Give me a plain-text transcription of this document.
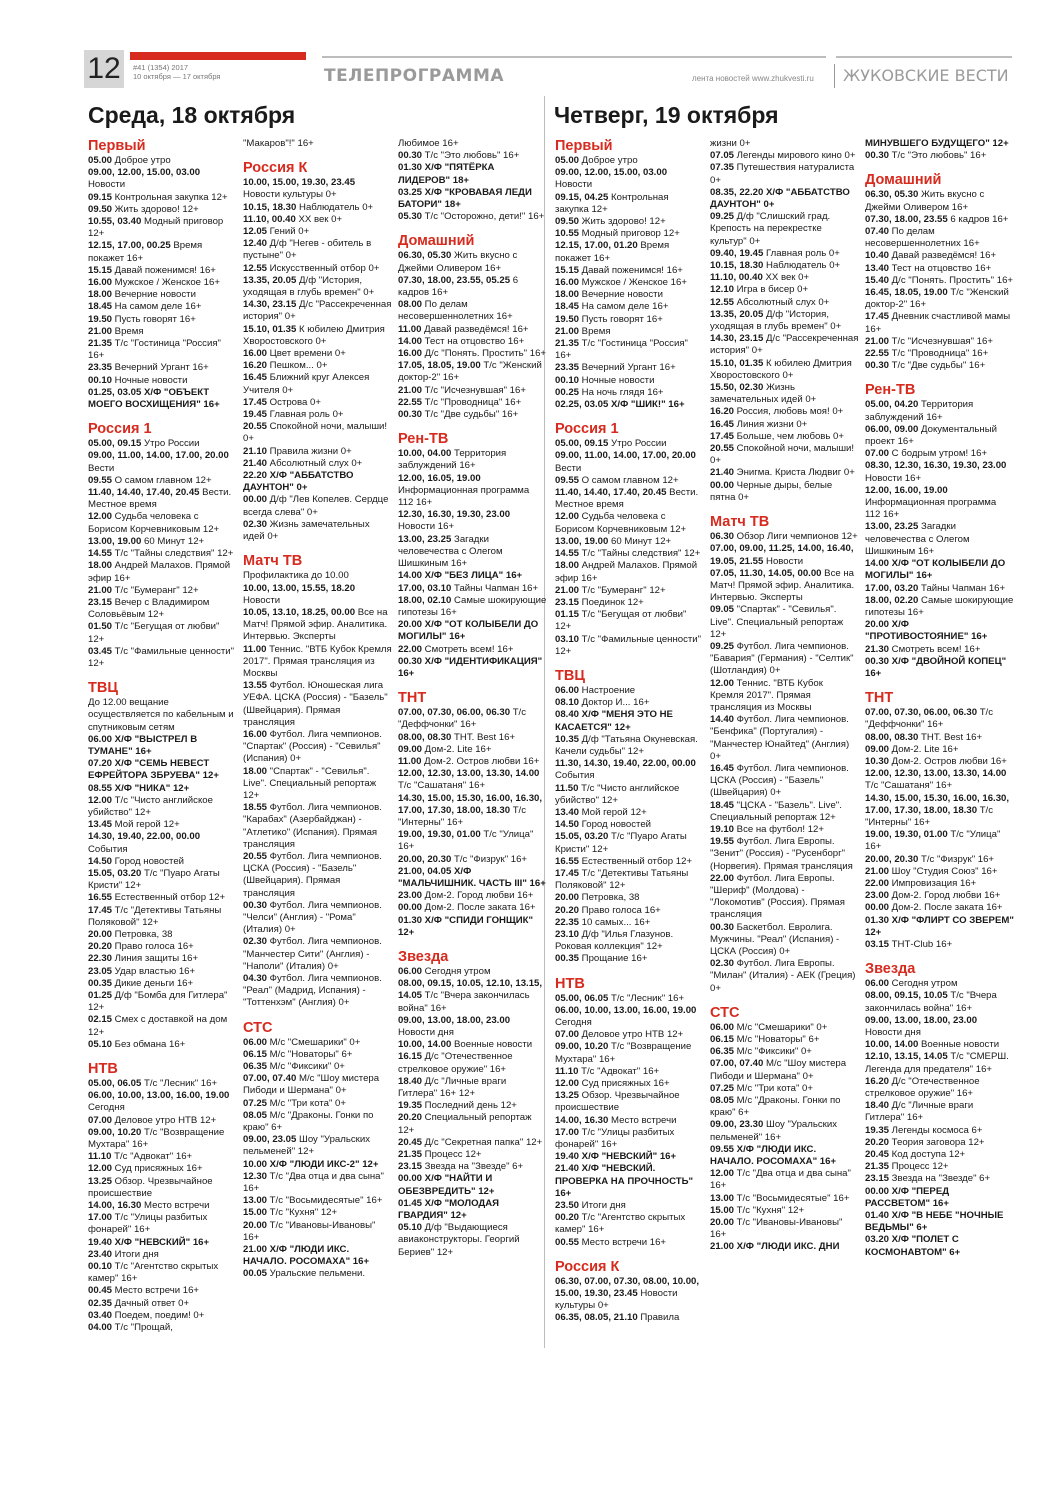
12	#41 (1354) 2017
10 октября — 17 октября	ТЕЛЕПРОГРАММА	лента новостей www.zhukvesti.ru	ЖУКОВСКИЕ ВЕСТИ
Среда, 18 октября	Четверг, 19 октября
Первый
05.00 Доброе утро
09.00, 12.00, 15.00, 03.00 Новости
09.15 Контрольная закупка 12+
09.50 Жить здорово! 12+
10.55, 03.40 Модный приговор 12+
12.15, 17.00, 00.25 Время покажет 16+
15.15 Давай поженимся! 16+
16.00 Мужское / Женское 16+
18.00 Вечерние новости
18.45 На самом деле 16+
19.50 Пусть говорят 16+
21.00 Время
21.35 Т/с "Гостиница "Россия" 16+
23.35 Вечерний Ургант 16+
00.10 Ночные новости
01.25, 03.05 Х/Ф "ОБЪЕКТ МОЕГО ВОСХИЩЕНИЯ" 16+
Россия 1
05.00, 09.15 Утро России
09.00, 11.00, 14.00, 17.00, 20.00 Вести
09.55 О самом главном 12+
11.40, 14.40, 17.40, 20.45 Вести. Местное время
12.00 Судьба человека с Борисом Корчевниковым 12+
13.00, 19.00 60 Минут 12+
14.55 Т/с "Тайны следствия" 12+
18.00 Андрей Малахов. Прямой эфир 16+
21.00 Т/с "Бумеранг" 12+
23.15 Вечер с Владимиром Соловьёвым 12+
01.50 Т/с "Бегущая от любви" 12+
03.45 Т/с "Фамильные ценности" 12+
ТВЦ
До 12.00 вещание осуществляется по кабельным и спутниковым сетям
06.00 Х/Ф "ВЫСТРЕЛ В ТУМАНЕ" 16+
07.20 Х/Ф "СЕМЬ НЕВЕСТ ЕФРЕЙТОРА ЗБРУЕВА" 12+
08.55 Х/Ф "НИКА" 12+
12.00 Т/с "Чисто английское убийство" 12+
13.45 Мой герой 12+
14.30, 19.40, 22.00, 00.00 События
14.50 Город новостей
15.05, 03.20 Т/с "Пуаро Агаты Кристи" 12+
16.55 Естественный отбор 12+
17.45 Т/с "Детективы Татьяны Поляковой" 12+
20.00 Петровка, 38
20.20 Право голоса 16+
22.30 Линия защиты 16+
23.05 Удар властью 16+
00.35 Дикие деньги 16+
01.25 Д/ф "Бомба для Гитлера" 12+
02.15 Смех с доставкой на дом 12+
05.10 Без обмана 16+
НТВ
05.00, 06.05 Т/с "Лесник" 16+
06.00, 10.00, 13.00, 16.00, 19.00 Сегодня
07.00 Деловое утро НТВ 12+
09.00, 10.20 Т/с "Возвращение Мухтара" 16+
11.10 Т/с "Адвокат" 16+
12.00 Суд присяжных 16+
13.25 Обзор. Чрезвычайное происшествие
14.00, 16.30 Место встречи
17.00 Т/с "Улицы разбитых фонарей" 16+
19.40 Х/Ф "НЕВСКИЙ" 16+
23.40 Итоги дня
00.10 Т/с "Агентство скрытых камер" 16+
00.45 Место встречи 16+
02.35 Дачный ответ 0+
03.40 Поедем, поедим! 0+
04.00 Т/с "Прощай,
"Макаров"!" 16+
Россия К
10.00, 15.00, 19.30, 23.45 Новости культуры 0+
10.15, 18.30 Наблюдатель 0+
11.10, 00.40 ХХ век 0+
12.05 Гений 0+
12.40 Д/ф "Негев - обитель в пустыне" 0+
12.55 Искусственный отбор 0+
13.35, 20.05 Д/ф "История, уходящая в глубь времен" 0+
14.30, 23.15 Д/с "Рассекреченная история" 0+
15.10, 01.35 К юбилею Дмитрия Хворостовского 0+
16.00 Цвет времени 0+
16.20 Пешком... 0+
16.45 Ближний круг Алексея Учителя 0+
17.45 Острова 0+
19.45 Главная роль 0+
20.55 Спокойной ночи, малыши! 0+
21.10 Правила жизни 0+
21.40 Абсолютный слух 0+
22.20 Х/Ф "АББАТСТВО ДАУНТОН" 0+
00.00 Д/ф "Лев Копелев. Сердце всегда слева" 0+
02.30 Жизнь замечательных идей 0+
Матч ТВ
Профилактика до 10.00
10.00, 13.00, 15.55, 18.20 Новости
10.05, 13.10, 18.25, 00.00 Все на Матч! Прямой эфир. Аналитика. Интервью. Эксперты
11.00 Теннис. "ВТБ Кубок Кремля 2017". Прямая трансляция из Москвы
13.55 Футбол. Юношеская лига УЕФА. ЦСКА (Россия) - "Базель" (Швейцария). Прямая трансляция
16.00 Футбол. Лига чемпионов. "Спартак" (Россия) - "Севилья" (Испания) 0+
18.00 "Спартак" - "Севилья". Live". Специальный репортаж 12+
18.55 Футбол. Лига чемпионов. "Карабах" (Азербайджан) - "Атлетико" (Испания). Прямая трансляция
20.55 Футбол. Лига чемпионов. ЦСКА (Россия) - "Базель" (Швейцария). Прямая трансляция
00.30 Футбол. Лига чемпионов. "Челси" (Англия) - "Рома" (Италия) 0+
02.30 Футбол. Лига чемпионов. "Манчестер Сити" (Англия) - "Наполи" (Италия) 0+
04.30 Футбол. Лига чемпионов. "Реал" (Мадрид, Испания) - "Тоттенхэм" (Англия) 0+
СТС
06.00 М/с "Смешарики" 0+
06.15 М/с "Новаторы" 6+
06.35 М/с "Фиксики" 0+
07.00, 07.40 М/с "Шоу мистера Пибоди и Шермана" 0+
07.25 М/с "Три кота" 0+
08.05 М/с "Драконы. Гонки по краю" 6+
09.00, 23.05 Шоу "Уральских пельменей" 12+
10.00 Х/Ф "ЛЮДИ ИКС-2" 12+
12.30 Т/с "Два отца и два сына" 16+
13.00 Т/с "Восьмидесятые" 16+
15.00 Т/с "Кухня" 12+
20.00 Т/с "Ивановы-Ивановы" 16+
21.00 Х/Ф "ЛЮДИ ИКС. НАЧАЛО. РОСОМАХА" 16+
00.05 Уральские пельмени.
Любимое 16+
00.30 Т/с "Это любовь" 16+
01.30 Х/Ф "ПЯТЁРКА ЛИДЕРОВ" 18+
03.25 Х/Ф "КРОВАВАЯ ЛЕДИ БАТОРИ" 18+
05.30 Т/с "Осторожно, дети!" 16+
Домашний
06.30, 05.30 Жить вкусно с Джейми Оливером 16+
07.30, 18.00, 23.55, 05.25 6 кадров 16+
08.00 По делам несовершеннолетних 16+
11.00 Давай разведёмся! 16+
14.00 Тест на отцовство 16+
16.00 Д/с "Понять. Простить" 16+
17.05, 18.05, 19.00 Т/с "Женский доктор-2" 16+
21.00 Т/с "Исчезнувшая" 16+
22.55 Т/с "Проводница" 16+
00.30 Т/с "Две судьбы" 16+
Рен-ТВ
10.00, 04.00 Территория заблуждений 16+
12.00, 16.05, 19.00 Информационная программа 112 16+
12.30, 16.30, 19.30, 23.00 Новости 16+
13.00, 23.25 Загадки человечества с Олегом Шишкиным 16+
14.00 Х/Ф "БЕЗ ЛИЦА" 16+
17.00, 03.10 Тайны Чапман 16+
18.00, 02.10 Самые шокирующие гипотезы 16+
20.00 Х/Ф "ОТ КОЛЫБЕЛИ ДО МОГИЛЫ" 16+
22.00 Смотреть всем! 16+
00.30 Х/Ф "ИДЕНТИФИКАЦИЯ" 16+
ТНТ
07.00, 07.30, 06.00, 06.30 Т/с "Деффчонки" 16+
08.00, 08.30 ТНТ. Best 16+
09.00 Дом-2. Lite 16+
11.00 Дом-2. Остров любви 16+
12.00, 12.30, 13.00, 13.30, 14.00 Т/с "Сашатаня" 16+
14.30, 15.00, 15.30, 16.00, 16.30, 17.00, 17.30, 18.00, 18.30 Т/с "Интерны" 16+
19.00, 19.30, 01.00 Т/с "Улица" 16+
20.00, 20.30 Т/с "Физрук" 16+
21.00, 04.05 Х/Ф "МАЛЬЧИШНИК. ЧАСТЬ III" 16+
23.00 Дом-2. Город любви 16+
00.00 Дом-2. После заката 16+
01.30 Х/Ф "СПИДИ ГОНЩИК" 12+
Звезда
06.00 Сегодня утром
08.00, 09.15, 10.05, 12.10, 13.15, 14.05 Т/с "Вчера закончилась война" 16+
09.00, 13.00, 18.00, 23.00 Новости дня
10.00, 14.00 Военные новости
16.15 Д/с "Отечественное стрелковое оружие" 16+
18.40 Д/с "Личные враги Гитлера" 16+ 12+
19.35 Последний день 12+
20.20 Специальный репортаж 12+
20.45 Д/с "Секретная папка" 12+
21.35 Процесс 12+
23.15 Звезда на "Звезде" 6+
00.00 Х/Ф "НАЙТИ И ОБЕЗВРЕДИТЬ" 12+
01.45 Х/Ф "МОЛОДАЯ ГВАРДИЯ" 12+
05.10 Д/ф "Выдающиеся авиаконструкторы. Георгий Бериев" 12+
Первый
05.00 Доброе утро
09.00, 12.00, 15.00, 03.00 Новости
09.15, 04.25 Контрольная закупка 12+
09.50 Жить здорово! 12+
10.55 Модный приговор 12+
12.15, 17.00, 01.20 Время покажет 16+
15.15 Давай поженимся! 16+
16.00 Мужское / Женское 16+
18.00 Вечерние новости
18.45 На самом деле 16+
19.50 Пусть говорят 16+
21.00 Время
21.35 Т/с "Гостиница "Россия" 16+
23.35 Вечерний Ургант 16+
00.10 Ночные новости
00.25 На ночь глядя 16+
02.25, 03.05 Х/Ф "ШИК!" 16+
Россия 1
05.00, 09.15 Утро России
09.00, 11.00, 14.00, 17.00, 20.00 Вести
09.55 О самом главном 12+
11.40, 14.40, 17.40, 20.45 Вести. Местное время
12.00 Судьба человека с Борисом Корчевниковым 12+
13.00, 19.00 60 Минут 12+
14.55 Т/с "Тайны следствия" 12+
18.00 Андрей Малахов. Прямой эфир 16+
21.00 Т/с "Бумеранг" 12+
23.15 Поединок 12+
01.15 Т/с "Бегущая от любви" 12+
03.10 Т/с "Фамильные ценности" 12+
ТВЦ
06.00 Настроение
08.10 Доктор И... 16+
08.40 Х/Ф "МЕНЯ ЭТО НЕ КАСАЕТСЯ" 12+
10.35 Д/ф "Татьяна Окуневская. Качели судьбы" 12+
11.30, 14.30, 19.40, 22.00, 00.00 События
11.50 Т/с "Чисто английское убийство" 12+
13.40 Мой герой 12+
14.50 Город новостей
15.05, 03.20 Т/с "Пуаро Агаты Кристи" 12+
16.55 Естественный отбор 12+
17.45 Т/с "Детективы Татьяны Поляковой" 12+
20.00 Петровка, 38
20.20 Право голоса 16+
22.35 10 самых... 16+
23.10 Д/ф "Илья Глазунов. Роковая коллекция" 12+
00.35 Прощание 16+
НТВ
05.00, 06.05 Т/с "Лесник" 16+
06.00, 10.00, 13.00, 16.00, 19.00 Сегодня
07.00 Деловое утро НТВ 12+
09.00, 10.20 Т/с "Возвращение Мухтара" 16+
11.10 Т/с "Адвокат" 16+
12.00 Суд присяжных 16+
13.25 Обзор. Чрезвычайное происшествие
14.00, 16.30 Место встречи
17.00 Т/с "Улицы разбитых фонарей" 16+
19.40 Х/Ф "НЕВСКИЙ" 16+
21.40 Х/Ф "НЕВСКИЙ. ПРОВЕРКА НА ПРОЧНОСТЬ" 16+
23.50 Итоги дня
00.20 Т/с "Агентство скрытых камер" 16+
00.55 Место встречи 16+
Россия К
06.30, 07.00, 07.30, 08.00, 10.00, 15.00, 19.30, 23.45 Новости культуры 0+
06.35, 08.05, 21.10 Правила
жизни 0+
07.05 Легенды мирового кино 0+
07.35 Путешествия натуралиста 0+
08.35, 22.20 Х/Ф "АББАТСТВО ДАУНТОН" 0+
09.25 Д/ф "Слишский град. Крепость на перекрестке культур" 0+
09.40, 19.45 Главная роль 0+
10.15, 18.30 Наблюдатель 0+
11.10, 00.40 ХХ век 0+
12.10 Игра в бисер 0+
12.55 Абсолютный слух 0+
13.35, 20.05 Д/ф "История, уходящая в глубь времен" 0+
14.30, 23.15 Д/с "Рассекреченная история" 0+
15.10, 01.35 К юбилею Дмитрия Хворостовского 0+
15.50, 02.30 Жизнь замечательных идей 0+
16.20 Россия, любовь моя! 0+
16.45 Линия жизни 0+
17.45 Больше, чем любовь 0+
20.55 Спокойной ночи, малыши! 0+
21.40 Энигма. Криста Людвиг 0+
00.00 Черные дыры, белые пятна 0+
Матч ТВ
06.30 Обзор Лиги чемпионов 12+
07.00, 09.00, 11.25, 14.00, 16.40, 19.05, 21.55 Новости
07.05, 11.30, 14.05, 00.00 Все на Матч! Прямой эфир. Аналитика. Интервью. Эксперты
09.05 "Спартак" - "Севилья". Live". Специальный репортаж 12+
09.25 Футбол. Лига чемпионов. "Бавария" (Германия) - "Селтик" (Шотландия) 0+
12.00 Теннис. "ВТБ Кубок Кремля 2017". Прямая трансляция из Москвы
14.40 Футбол. Лига чемпионов. "Бенфика" (Португалия) - "Манчестер Юнайтед" (Англия) 0+
16.45 Футбол. Лига чемпионов. ЦСКА (Россия) - "Базель" (Швейцария) 0+
18.45 "ЦСКА - "Базель". Live". Специальный репортаж 12+
19.10 Все на футбол! 12+
19.55 Футбол. Лига Европы. "Зенит" (Россия) - "Русенборг" (Норвегия). Прямая трансляция
22.00 Футбол. Лига Европы. "Шериф" (Молдова) - "Локомотив" (Россия). Прямая трансляция
00.30 Баскетбол. Евролига. Мужчины. "Реал" (Испания) - ЦСКА (Россия) 0+
02.30 Футбол. Лига Европы. "Милан" (Италия) - АЕК (Греция) 0+
СТС
06.00 М/с "Смешарики" 0+
06.15 М/с "Новаторы" 6+
06.35 М/с "Фиксики" 0+
07.00, 07.40 М/с "Шоу мистера Пибоди и Шермана" 0+
07.25 М/с "Три кота" 0+
08.05 М/с "Драконы. Гонки по краю" 6+
09.00, 23.30 Шоу "Уральских пельменей" 16+
09.55 Х/Ф "ЛЮДИ ИКС. НАЧАЛО. РОСОМАХА" 16+
12.00 Т/с "Два отца и два сына" 16+
13.00 Т/с "Восьмидесятые" 16+
15.00 Т/с "Кухня" 12+
20.00 Т/с "Ивановы-Ивановы" 16+
21.00 Х/Ф "ЛЮДИ ИКС. ДНИ
МИНУВШЕГО БУДУЩЕГО" 12+
00.30 Т/с "Это любовь" 16+
Домашний
06.30, 05.30 Жить вкусно с Джейми Оливером 16+
07.30, 18.00, 23.55 6 кадров 16+
07.40 По делам несовершеннолетних 16+
10.40 Давай разведёмся! 16+
13.40 Тест на отцовство 16+
15.40 Д/с "Понять. Простить" 16+
16.45, 18.05, 19.00 Т/с "Женский доктор-2" 16+
17.45 Дневник счастливой мамы 16+
21.00 Т/с "Исчезнувшая" 16+
22.55 Т/с "Проводница" 16+
00.30 Т/с "Две судьбы" 16+
Рен-ТВ
05.00, 04.20 Территория заблуждений 16+
06.00, 09.00 Документальный проект 16+
07.00 С бодрым утром! 16+
08.30, 12.30, 16.30, 19.30, 23.00 Новости 16+
12.00, 16.00, 19.00 Информационная программа 112 16+
13.00, 23.25 Загадки человечества с Олегом Шишкиным 16+
14.00 Х/Ф "ОТ КОЛЫБЕЛИ ДО МОГИЛЫ" 16+
17.00, 03.20 Тайны Чапман 16+
18.00, 02.20 Самые шокирующие гипотезы 16+
20.00 Х/Ф "ПРОТИВОСТОЯНИЕ" 16+
21.30 Смотреть всем! 16+
00.30 Х/Ф "ДВОЙНОЙ КОПЕЦ" 16+
ТНТ
07.00, 07.30, 06.00, 06.30 Т/с "Деффчонки" 16+
08.00, 08.30 ТНТ. Best 16+
09.00 Дом-2. Lite 16+
10.30 Дом-2. Остров любви 16+
12.00, 12.30, 13.00, 13.30, 14.00 Т/с "Сашатаня" 16+
14.30, 15.00, 15.30, 16.00, 16.30, 17.00, 17.30, 18.00, 18.30 Т/с "Интерны" 16+
19.00, 19.30, 01.00 Т/с "Улица" 16+
20.00, 20.30 Т/с "Физрук" 16+
21.00 Шоу "Студия Союз" 16+
22.00 Импровизация 16+
23.00 Дом-2. Город любви 16+
00.00 Дом-2. После заката 16+
01.30 Х/Ф "ФЛИРТ СО ЗВЕРЕМ" 12+
03.15 ТНТ-Club 16+
Звезда
06.00 Сегодня утром
08.00, 09.15, 10.05 Т/с "Вчера закончилась война" 16+
09.00, 13.00, 18.00, 23.00 Новости дня
10.00, 14.00 Военные новости
12.10, 13.15, 14.05 Т/с "СМЕРШ. Легенда для предателя" 16+
16.20 Д/с "Отечественное стрелковое оружие" 16+
18.40 Д/с "Личные враги Гитлера" 16+
19.35 Легенды космоса 6+
20.20 Теория заговора 12+
20.45 Код доступа 12+
21.35 Процесс 12+
23.15 Звезда на "Звезде" 6+
00.00 Х/Ф "ПЕРЕД РАССВЕТОМ" 16+
01.40 Х/Ф "В НЕБЕ "НОЧНЫЕ ВЕДЬМЫ" 6+
03.20 Х/Ф "ПОЛЕТ С КОСМОНАВТОМ" 6+
